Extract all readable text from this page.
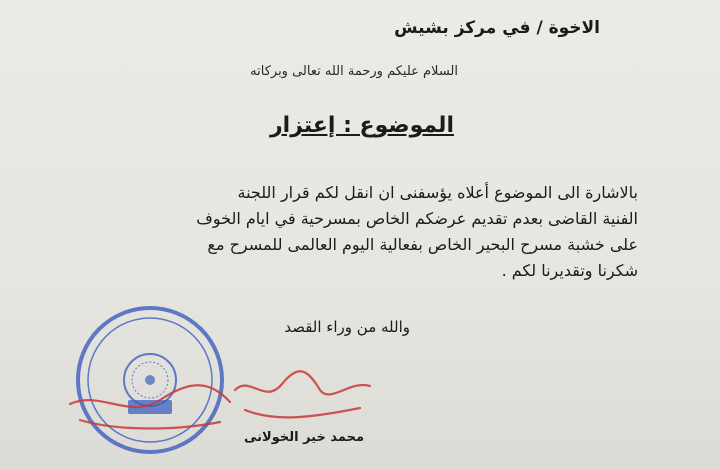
الاخوة / في مركز بشيش
السلام عليكم ورحمة الله تعالى وبركاته
الموضوع : إعتزار
بالاشارة الى الموضوع أعلاه يؤسفنى ان انقل لكم قرار اللجنة
الفنية القاضى بعدم تقديم عرضكم الخاص بمسرحية في ايام الخوف
على خشبة مسرح البحير الخاص بفعالية اليوم العالمى للمسرح مع
شكرنا وتقديرنا لكم .
والله من وراء القصد
محمد خير الخولانى
